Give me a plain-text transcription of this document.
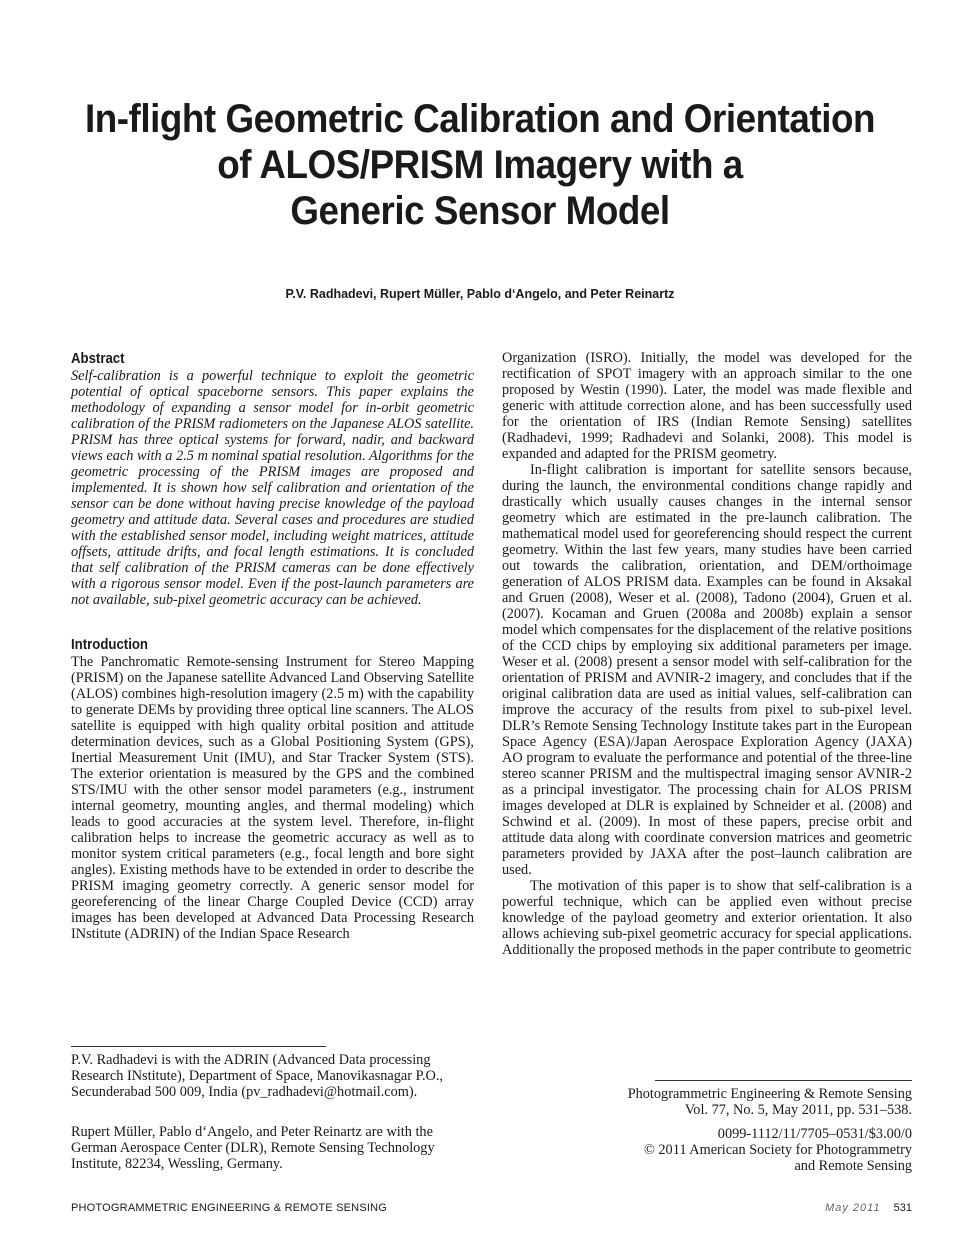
In-flight Geometric Calibration and Orientation
of ALOS/PRISM Imagery with a
Generic Sensor Model
P.V. Radhadevi, Rupert Müller, Pablo d‘Angelo, and Peter Reinartz
Abstract

Self-calibration is a powerful technique to exploit the geometric potential of optical spaceborne sensors. This paper explains the methodology of expanding a sensor model for in-orbit geometric calibration of the PRISM radiometers on the Japanese ALOS satellite. PRISM has three optical systems for forward, nadir, and backward views each with a 2.5 m nominal spatial resolution. Algorithms for the geometric processing of the PRISM images are proposed and implemented. It is shown how self calibration and orientation of the sensor can be done without having precise knowledge of the payload geometry and attitude data. Several cases and procedures are studied with the established sensor model, including weight matrices, attitude offsets, attitude drifts, and focal length estimations. It is concluded that self calibration of the PRISM cameras can be done effectively with a rigorous sensor model. Even if the post-launch parameters are not available, sub-pixel geometric accuracy can be achieved.

Introduction

The Panchromatic Remote-sensing Instrument for Stereo Mapping (PRISM) on the Japanese satellite Advanced Land Observing Satellite (ALOS) combines high-resolution imagery (2.5 m) with the capability to generate DEMs by providing three optical line scanners. The ALOS satellite is equipped with high quality orbital position and attitude determination devices, such as a Global Positioning System (GPS), Inertial Measurement Unit (IMU), and Star Tracker System (STS). The exterior orientation is measured by the GPS and the combined STS/IMU with the other sensor model parameters (e.g., instrument internal geometry, mounting angles, and thermal modeling) which leads to good accuracies at the system level. Therefore, in-flight calibration helps to increase the geometric accuracy as well as to monitor system critical parameters (e.g., focal length and bore sight angles). Existing methods have to be extended in order to describe the PRISM imaging geometry correctly. A generic sensor model for georeferencing of the linear Charge Coupled Device (CCD) array images has been developed at Advanced Data Processing Research INstitute (ADRIN) of the Indian Space Research

Organization (ISRO). Initially, the model was developed for the rectification of SPOT imagery with an approach similar to the one proposed by Westin (1990). Later, the model was made flexible and generic with attitude correction alone, and has been successfully used for the orientation of IRS (Indian Remote Sensing) satellites (Radhadevi, 1999; Radhadevi and Solanki, 2008). This model is expanded and adapted for the PRISM geometry.

In-flight calibration is important for satellite sensors because, during the launch, the environmental conditions change rapidly and drastically which usually causes changes in the internal sensor geometry which are estimated in the pre-launch calibration. The mathematical model used for georeferencing should respect the current geometry. Within the last few years, many studies have been carried out towards the calibration, orientation, and DEM/orthoimage generation of ALOS PRISM data. Examples can be found in Aksakal and Gruen (2008), Weser et al. (2008), Tadono (2004), Gruen et al. (2007). Kocaman and Gruen (2008a and 2008b) explain a sensor model which compensates for the displacement of the relative positions of the CCD chips by employing six additional parameters per image. Weser et al. (2008) present a sensor model with self-calibration for the orientation of PRISM and AVNIR-2 imagery, and concludes that if the original calibration data are used as initial values, self-calibration can improve the accuracy of the results from pixel to sub-pixel level. DLR’s Remote Sensing Technology Institute takes part in the European Space Agency (ESA)/Japan Aerospace Exploration Agency (JAXA) AO program to evaluate the performance and potential of the three-line stereo scanner PRISM and the multispectral imaging sensor AVNIR-2 as a principal investigator. The processing chain for ALOS PRISM images developed at DLR is explained by Schneider et al. (2008) and Schwind et al. (2009). In most of these papers, precise orbit and attitude data along with coordinate conversion matrices and geometric parameters provided by JAXA after the post–launch calibration are used.

The motivation of this paper is to show that self-calibration is a powerful technique, which can be applied even without precise knowledge of the payload geometry and exterior orientation. It also allows achieving sub-pixel geometric accuracy for special applications. Additionally the proposed methods in the paper contribute to geometric

P.V. Radhadevi is with the ADRIN (Advanced Data processing Research INstitute), Department of Space, Manovikasnagar P.O., Secunderabad 500 009, India (pv_radhadevi@hotmail.com).
Rupert Müller, Pablo d‘Angelo, and Peter Reinartz are with the German Aerospace Center (DLR), Remote Sensing Technology Institute, 82234, Wessling, Germany.
Photogrammetric Engineering & Remote Sensing
Vol. 77, No. 5, May 2011, pp. 531–538.
0099-1112/11/7705–0531/$3.00/0
© 2011 American Society for Photogrammetry
and Remote Sensing
PHOTOGRAMMETRIC ENGINEERING & REMOTE SENSING	May 2011 531
